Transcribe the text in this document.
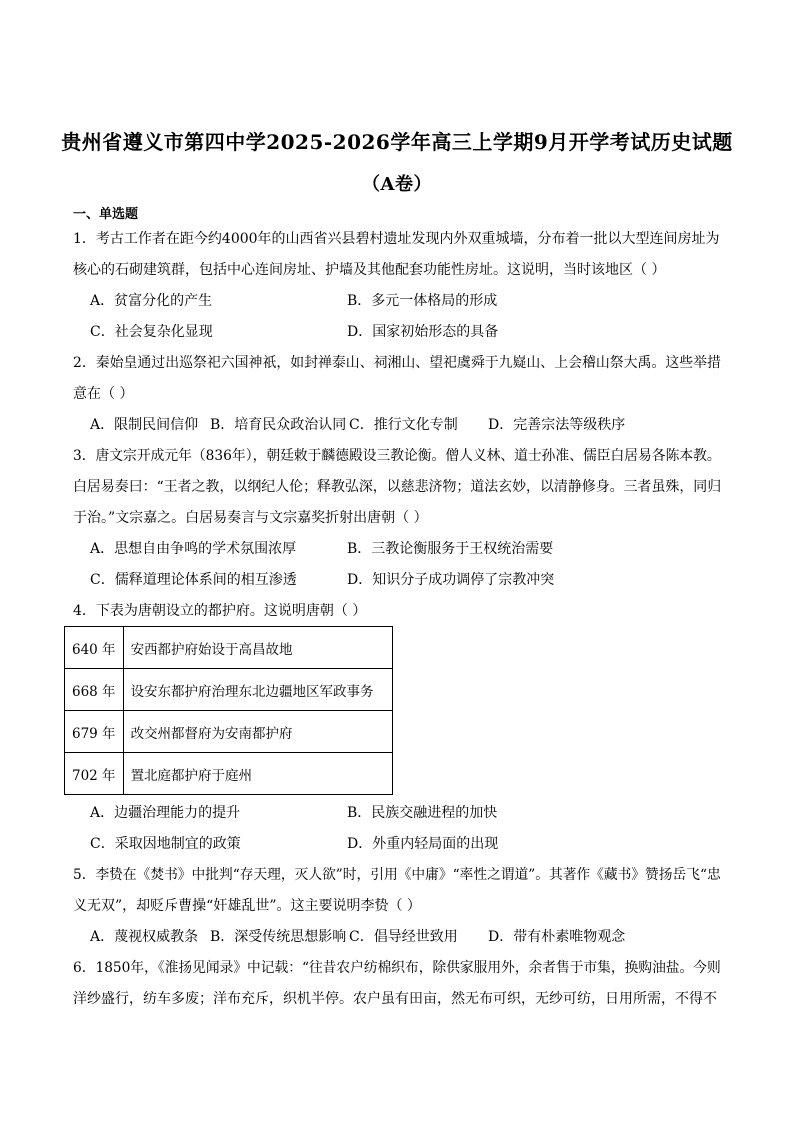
贵州省遵义市第四中学2025-2026学年高三上学期9月开学考试历史试题
（A卷）
一、单选题
1．考古工作者在距今约4000年的山西省兴县碧村遗址发现内外双重城墙，分布着一批以大型连间房址为
核心的石砌建筑群，包括中心连间房址、护墙及其他配套功能性房址。这说明，当时该地区（ ）
A．贫富分化的产生	B．多元一体格局的形成
C．社会复杂化显现	D．国家初始形态的具备
2．秦始皇通过出巡祭祀六国神祇，如封禅泰山、祠湘山、望祀虞舜于九嶷山、上会稽山祭大禹。这些举措
意在（ ）
A．限制民间信仰 B．培育民众政治认同 C．推行文化专制 D．完善宗法等级秩序
3．唐文宗开成元年（836年），朝廷敕于麟德殿设三教论衡。僧人义林、道士孙准、儒臣白居易各陈本教。
白居易奏曰：“王者之教，以纲纪人伦；释教弘深，以慈悲济物；道法玄妙，以清静修身。三者虽殊，同归
于治。”文宗嘉之。白居易奏言与文宗嘉奖折射出唐朝（ ）
A．思想自由争鸣的学术氛围浓厚	B．三教论衡服务于王权统治需要
C．儒释道理论体系间的相互渗透	D．知识分子成功调停了宗教冲突
4．下表为唐朝设立的都护府。这说明唐朝（ ）
640 年	安西都护府始设于高昌故地
668 年	设安东都护府治理东北边疆地区军政事务
679 年	改交州都督府为安南都护府
702 年	置北庭都护府于庭州
A．边疆治理能力的提升	B．民族交融进程的加快
C．采取因地制宜的政策	D．外重内轻局面的出现
5．李贽在《焚书》中批判“存天理，灭人欲”时，引用《中庸》“率性之谓道”。其著作《藏书》赞扬岳飞“忠
义无双”，却贬斥曹操“奸雄乱世”。这主要说明李贽（ ）
A．蔑视权威教条 B．深受传统思想影响 C．倡导经世致用 D．带有朴素唯物观念
6．1850年，《淮扬见闻录》中记载：“往昔农户纺棉织布，除供家服用外，余者售于市集，换购油盐。今则
洋纱盛行，纺车多废；洋布充斥，织机半停。农户虽有田亩，然无布可织，无纱可纺，日用所需，不得不
